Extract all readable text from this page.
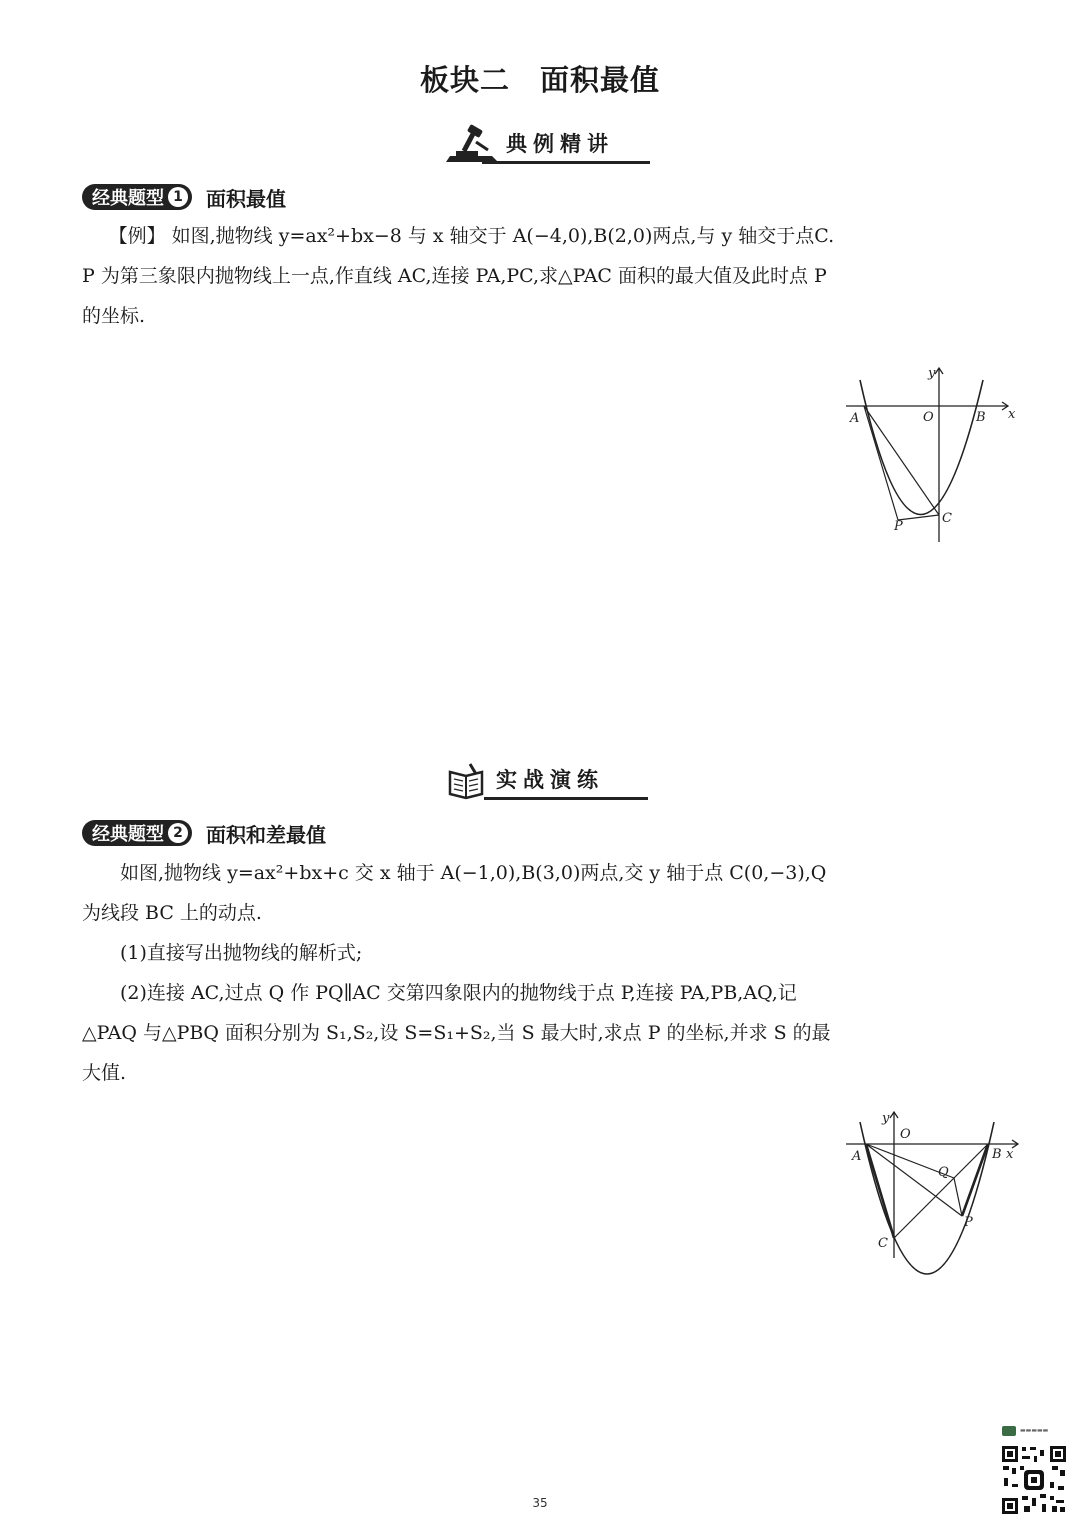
板块二　面积最值
典例精讲
经典题型 1 面积最值

【例】 如图,抛物线 y=ax²+bx−8 与 x 轴交于 A(−4,0),B(2,0)两点,与 y 轴交于点C.

P 为第三象限内抛物线上一点,作直线 AC,连接 PA,PC,求△PAC 面积的最大值及此时点 P

的坐标.

y
A	O	B x
P
C
实战演练
经典题型 2 面积和差最值

如图,抛物线 y=ax²+bx+c 交 x 轴于 A(−1,0),B(3,0)两点,交 y 轴于点 C(0,−3),Q

为线段 BC 上的动点.

(1)直接写出抛物线的解析式;

(2)连接 AC,过点 Q 作 PQ∥AC 交第四象限内的抛物线于点 P,连接 PA,PB,AQ,记

△PAQ 与△PBQ 面积分别为 S₁,S₂,设 S=S₁+S₂,当 S 最大时,求点 P 的坐标,并求 S 的最

大值.

y
O
A	B x
Q
P
C
35
▬▬▬▬▬
